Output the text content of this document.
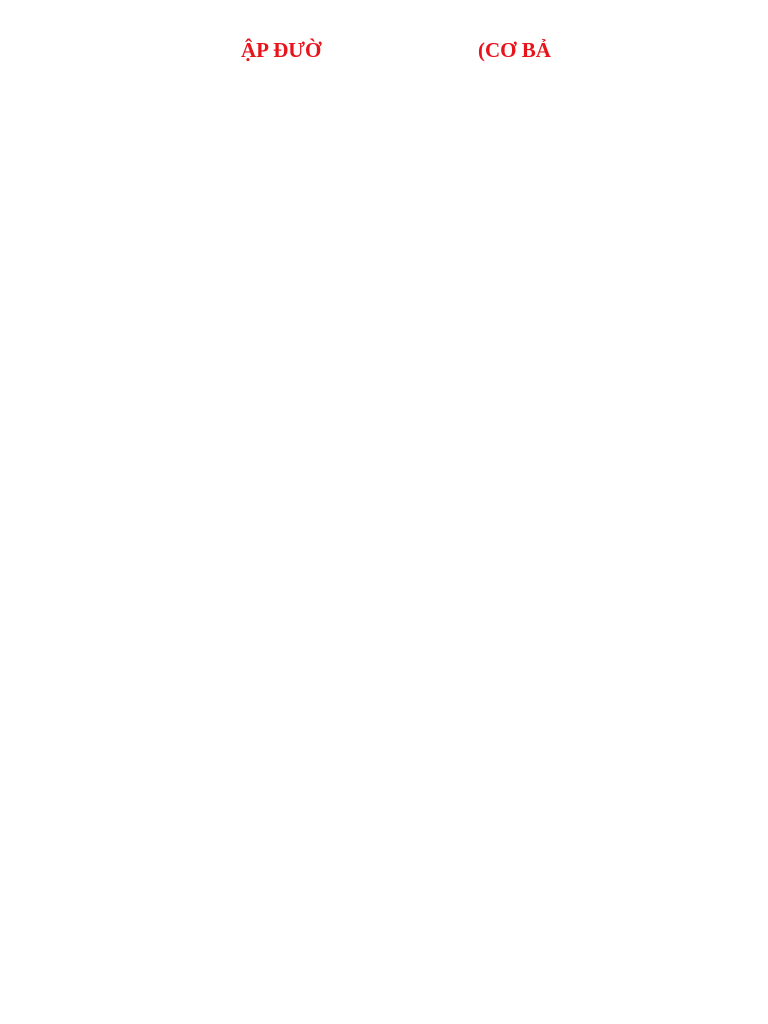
ẬP ĐƯỜ	(CƠ BẢ
